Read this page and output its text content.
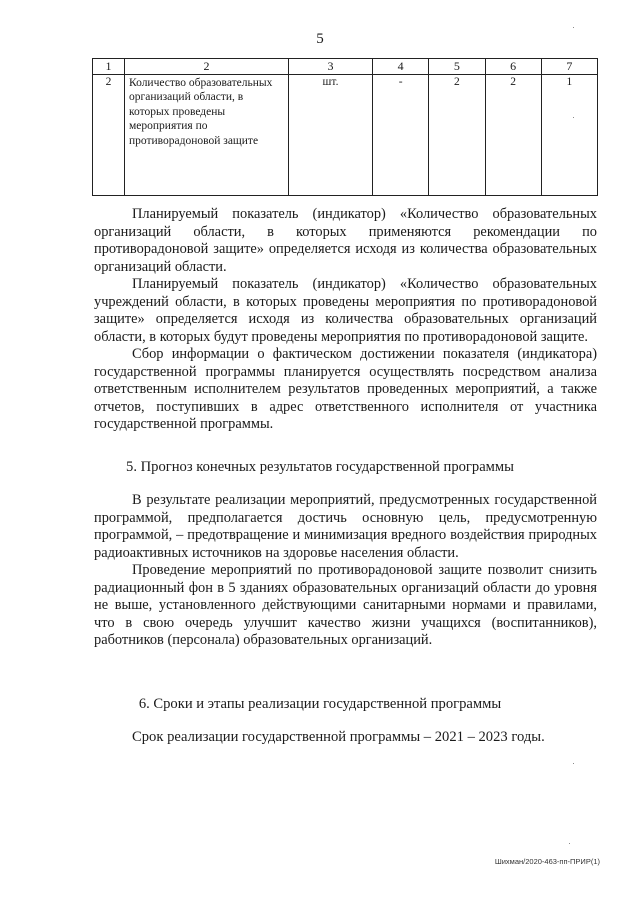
5
1	2	3	4	5	6	7
2	Количество образовательных организаций области, в которых проведены мероприятия по противорадоновой защите	шт.	-	2	2	1

Планируемый показатель (индикатор) «Количество образовательных организаций области, в которых применяются рекомендации по противорадоновой защите» определяется исходя из количества образовательных организаций области.

Планируемый показатель (индикатор) «Количество образовательных учреждений области, в которых проведены мероприятия по противорадоновой защите» определяется исходя из количества образовательных организаций области, в которых будут проведены мероприятия по противорадоновой защите.

Сбор информации о фактическом достижении показателя (индикатора) государственной программы планируется осуществлять посредством анализа ответственным исполнителем результатов проведенных мероприятий, а также отчетов, поступивших в адрес ответственного исполнителя от участника государственной программы.

5. Прогноз конечных результатов государственной программы

В результате реализации мероприятий, предусмотренных государственной программой, предполагается достичь основную цель, предусмотренную программой, – предотвращение и минимизация вредного воздействия природных радиоактивных источников на здоровье населения области.

Проведение мероприятий по противорадоновой защите позволит снизить радиационный фон в 5 зданиях образовательных организаций области до уровня не выше, установленного действующими санитарными нормами и правилами, что в свою очередь улучшит качество жизни учащихся (воспитанников), работников (персонала) образовательных организаций.

6. Сроки и этапы реализации государственной программы
Срок реализации государственной программы – 2021 – 2023 годы.
Шихман/2020-463-пп-ПРИР(1)
·
·
·
·
